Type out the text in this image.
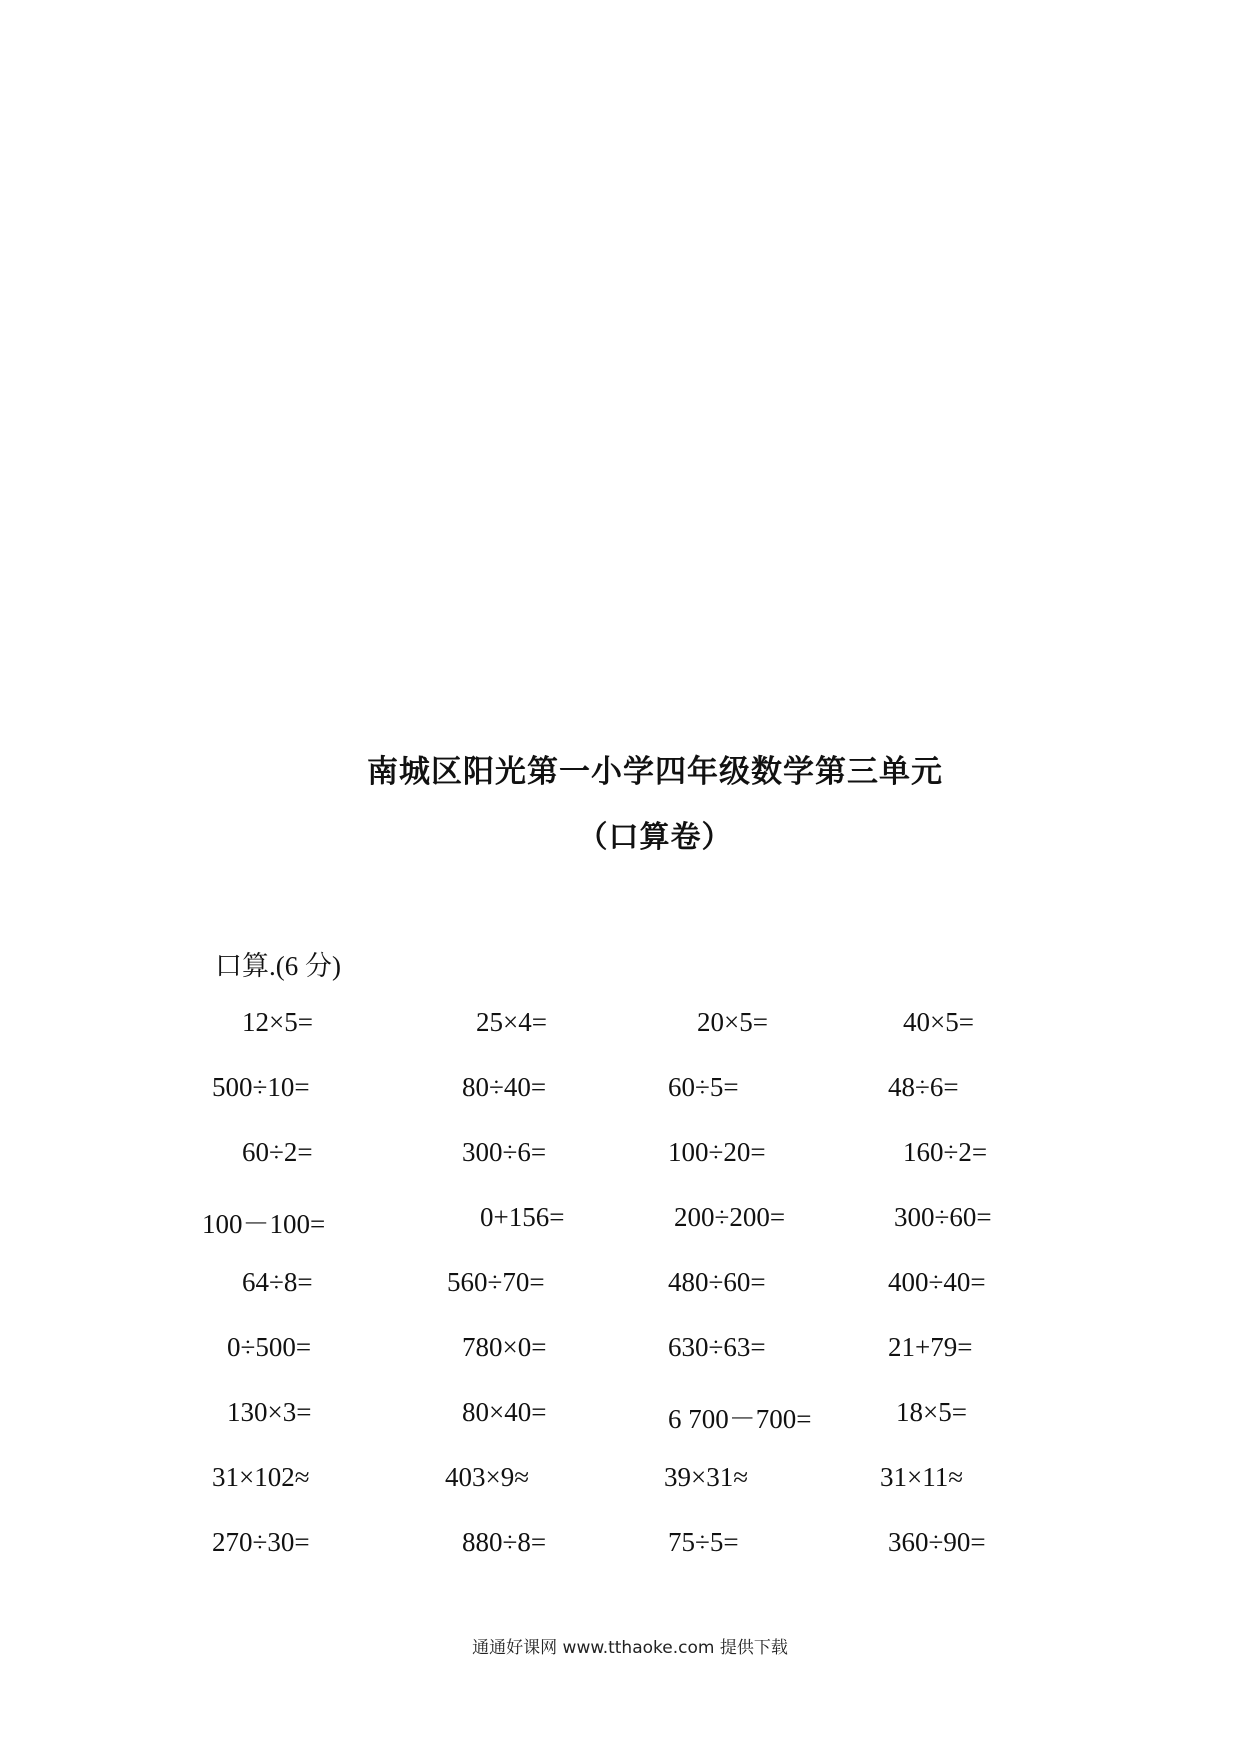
南城区阳光第一小学四年级数学第三单元
（口算卷）
口算.(6 分)
12×5=	25×4=	20×5=	40×5=
500÷10=	80÷40=	60÷5=	48÷6=
60÷2=	300÷6=	100÷20=	160÷2=
100－100=	0+156=	200÷200=	300÷60=
64÷8=	560÷70=	480÷60=	400÷40=
0÷500=	780×0=	630÷63=	21+79=
130×3=	80×40=	6 700－700=	18×5=
31×102≈	403×9≈	39×31≈	31×11≈
270÷30=	880÷8=	75÷5=	360÷90=
通通好课网 www.tthaoke.com 提供下载
